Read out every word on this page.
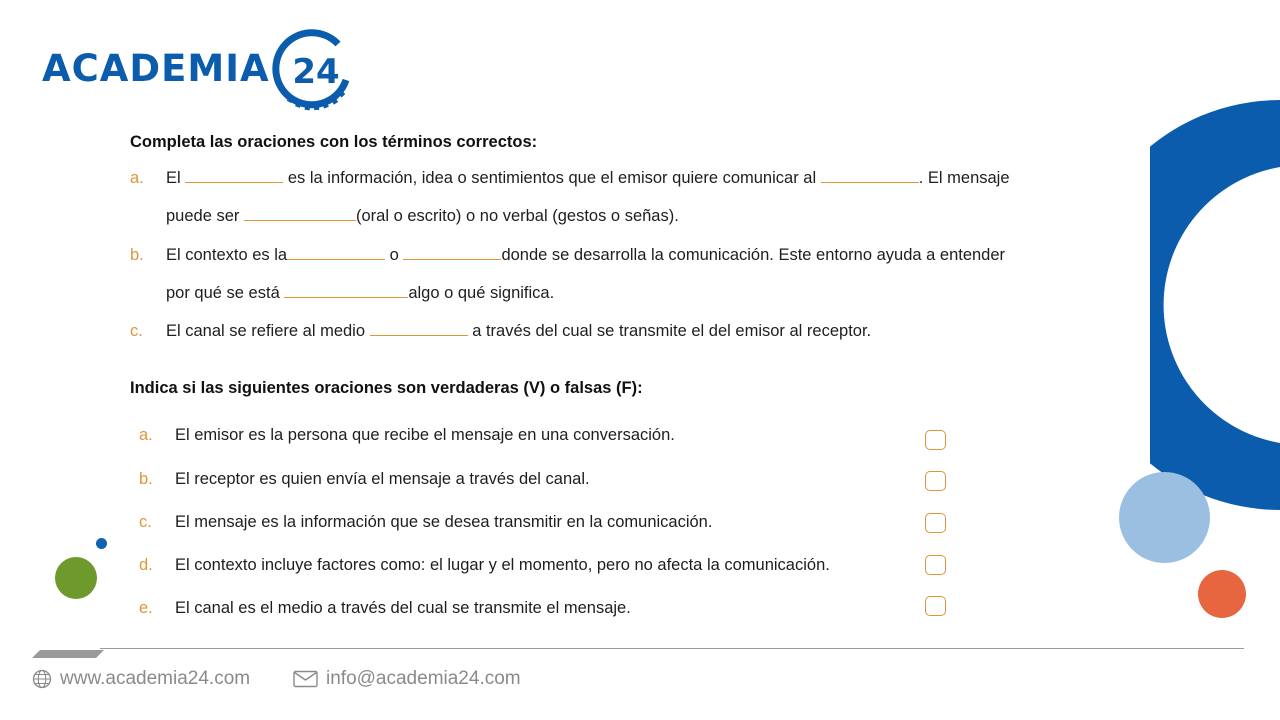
ACADEMIA 24
Completa las oraciones con los términos correctos:
a. El	es la información, idea o sentimientos que el emisor quiere comunicar al	. El mensaje
puede ser	(oral o escrito) o no verbal (gestos o señas).
b. El contexto es la	o	donde se desarrolla la comunicación. Este entorno ayuda a entender
por qué se está	algo o qué significa.
c. El canal se refiere al medio	a través del cual se transmite el del emisor al receptor.
Indica si las siguientes oraciones son verdaderas (V) o falsas (F):
a. El emisor es la persona que recibe el mensaje en una conversación.
b. El receptor es quien envía el mensaje a través del canal.
c. El mensaje es la información que se desea transmitir en la comunicación.
d. El contexto incluye factores como: el lugar y el momento, pero no afecta la comunicación.
e. El canal es el medio a través del cual se transmite el mensaje.
www.academia24.com	info@academia24.com
